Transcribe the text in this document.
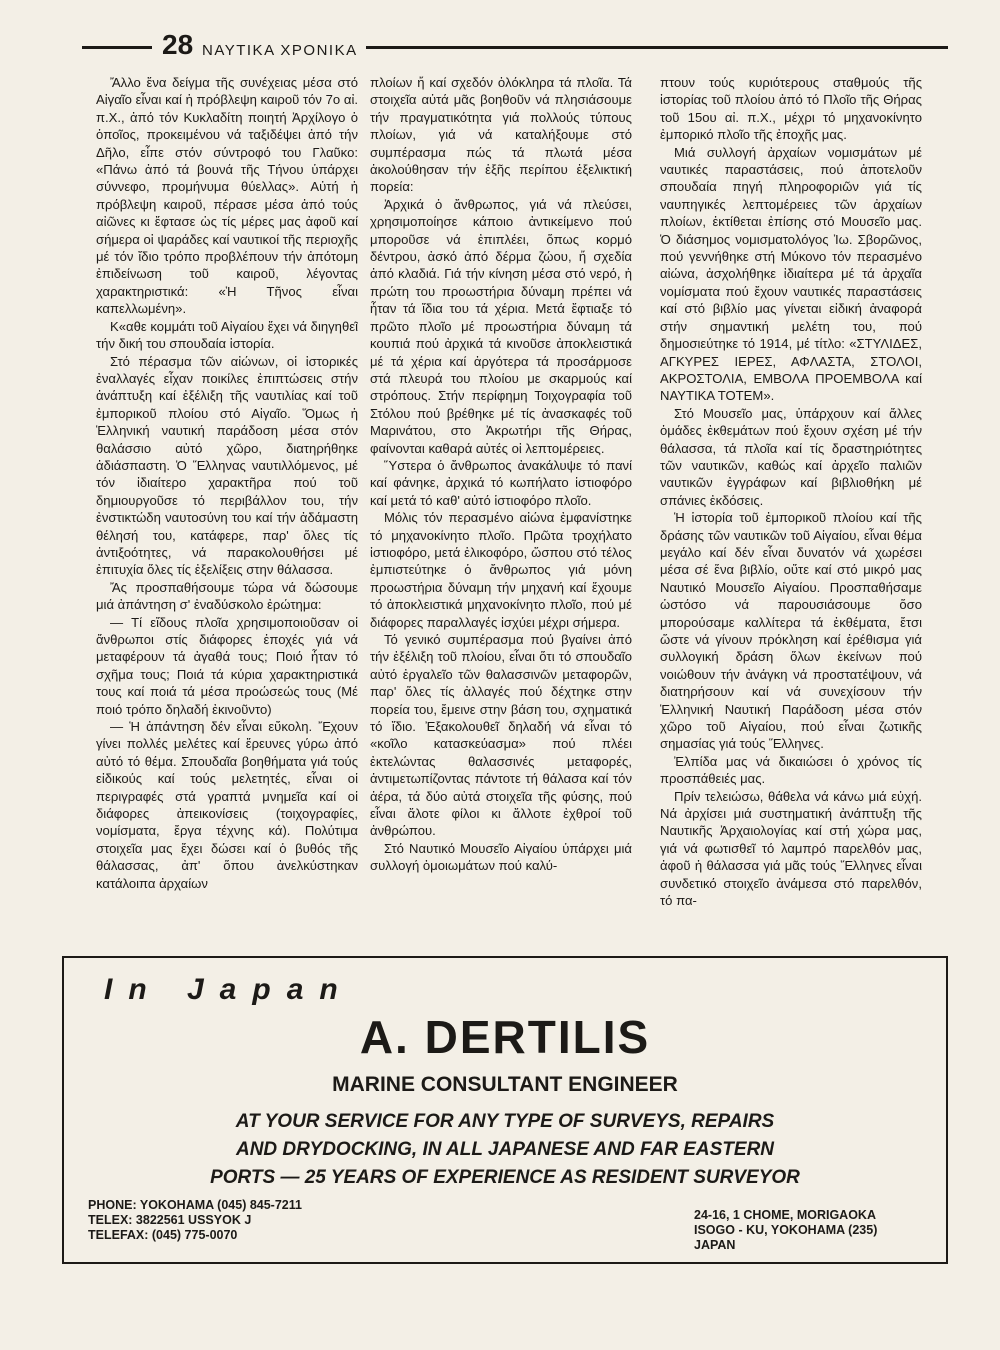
28 ΝΑΥΤΙΚΑ ΧΡΟΝΙΚΑ

Ἄλλο ἕνα δείγμα τῆς συνέχειας μέσα στό Αἰγαῖο εἶναι καί ἡ πρόβλεψη καιροῦ τόν 7ο αἰ. π.Χ., ἀπό τόν Κυκλαδίτη ποιητή Ἀρχίλογο ὁ ὁποῖος, προκειμένου νά ταξιδέψει ἀπό τήν Δῆλο, εἶπε στόν σύντροφό του Γλαῦκο: «Πάνω ἀπό τά βουνά τῆς Τήνου ὑπάρχει σύννεφο, προμήνυμα θύελλας». Αὐτή ἡ πρόβλεψη καιροῦ, πέρασε μέσα ἀπό τούς αἰῶνες κι ἔφτασε ὡς τίς μέρες μας ἀφοῦ καί σήμερα οἱ ψαράδες καί ναυτικοί τῆς περιοχῆς μέ τόν ἴδιο τρόπο προβλέπουν τήν ἀπότομη ἐπιδείνωση τοῦ καιροῦ, λέγοντας χαρακτηριστικά: «Ἡ Τῆνος εἶναι καπελλωμένη».

Κ«αθε κομμάτι τοῦ Αἰγαίου ἔχει νά διηγηθεῖ τήν δική του σπουδαία ἱστορία.

Στό πέρασμα τῶν αἰώνων, οἱ ἱστορικές ἐναλλαγές εἶχαν ποικίλες ἐπιπτώσεις στήν ἀνάπτυξη καί ἐξέλιξη τῆς ναυτιλίας καί τοῦ ἐμπορικοῦ πλοίου στό Αἰγαῖο. Ὅμως ἡ Ἑλληνική ναυτική παράδοση μέσα στόν θαλάσσιο αὐτό χῶρο, διατηρήθηκε ἀδιάσπαστη. Ὁ Ἕλληνας ναυτιλλόμενος, μέ τόν ἰδιαίτερο χαρακτῆρα πού τοῦ δημιουργοῦσε τό περιβάλλον του, τήν ἐνστικτώδη ναυτοσύνη του καί τήν ἀδάμαστη θέλησή του, κατάφερε, παρ' ὅλες τίς ἀντιξοότητες, νά παρακολουθήσει μέ ἐπιτυχία ὅλες τίς ἐξελίξεις στην θάλασσα.

Ἄς προσπαθήσουμε τώρα νά δώσουμε μιά ἀπάντηση σ' ἐναδύσκολο ἐρώτημα:

— Τί εἴδους πλοῖα χρησιμοποιοῦσαν οἱ ἄνθρωποι στίς διάφορες ἐποχές γιά νά μεταφέρουν τά ἀγαθά τους; Ποιό ἦταν τό σχῆμα τους; Ποιά τά κύρια χαρακτηριστικά τους καί ποιά τά μέσα προώσεώς τους (Μέ ποιό τρόπο δηλαδή ἐκινοῦντο)

— Ἡ ἀπάντηση δέν εἶναι εὔκολη. Ἔχουν γίνει πολλές μελέτες καί ἔρευνες γύρω ἀπό αὐτό τό θέμα. Σπουδαῖα βοηθήματα γιά τούς εἰδικούς καί τούς μελετητές, εἶναι οἱ περιγραφές στά γραπτά μνημεῖα καί οἱ διάφορες ἀπεικονίσεις (τοιχογραφίες, νομίσματα, ἔργα τέχνης κά). Πολύτιμα στοιχεῖα μας ἔχει δώσει καί ὁ βυθός τῆς θάλασσας, ἀπ' ὅπου ἀνελκύστηκαν κατάλοιπα ἀρχαίων

πλοίων ἤ καί σχεδόν ὁλόκληρα τά πλοῖα. Τά στοιχεῖα αὐτά μᾶς βοηθοῦν νά πλησιάσουμε τήν πραγματικότητα γιά πολλούς τύπους πλοίων, γιά νά καταλήξουμε στό συμπέρασμα πώς τά πλωτά μέσα ἀκολούθησαν τήν ἑξῆς περίπου ἐξελικτική πορεία:

Ἀρχικά ὁ ἄνθρωπος, γιά νά πλεύσει, χρησιμοποίησε κάποιο ἀντικείμενο πού μποροῦσε νά ἐπιπλέει, ὅπως κορμό δέντρου, ἀσκό ἀπό δέρμα ζώου, ἤ σχεδία ἀπό κλαδιά. Γιά τήν κίνηση μέσα στό νερό, ἡ πρώτη του προωστήρια δύναμη πρέπει νά ἦταν τά ἴδια του τά χέρια. Μετά ἔφτιαξε τό πρῶτο πλοῖο μέ προωστήρια δύναμη τά κουπιά πού ἀρχικά τά κινοῦσε ἀποκλειστικά μέ τά χέρια καί ἀργότερα τά προσάρμοσε στά πλευρά του πλοίου με σκαρμούς καί στρόπους. Στήν περίφημη Τοιχογραφία τοῦ Στόλου πού βρέθηκε μέ τίς ἀνασκαφές τοῦ Μαρινάτου, στο Ἀκρωτήρι τῆς Θήρας, φαίνονται καθαρά αὐτές οἱ λεπτομέρειες.

Ὕστερα ὁ ἄνθρωπος ἀνακάλυψε τό πανί καί φάνηκε, ἀρχικά τό κωπήλατο ἱστιοφόρο καί μετά τό καθ' αὐτό ἱστιοφόρο πλοῖο.

Μόλις τόν περασμένο αἰώνα ἐμφανίστηκε τό μηχανοκίνητο πλοῖο. Πρῶτα τροχήλατο ἱστιοφόρο, μετά ἑλικοφόρο, ὥσπου στό τέλος ἐμπιστεύτηκε ὁ ἄνθρωπος γιά μόνη προωστήρια δύναμη τήν μηχανή καί ἔχουμε τό ἀποκλειστικά μηχανοκίνητο πλοῖο, πού μέ διάφορες παραλλαγές ἰσχύει μέχρι σήμερα.

Τό γενικό συμπέρασμα πού βγαίνει ἀπό τήν ἐξέλιξη τοῦ πλοίου, εἶναι ὅτι τό σπουδαῖο αὐτό ἐργαλεῖο τῶν θαλασσινῶν μεταφορῶν, παρ' ὅλες τίς ἀλλαγές πού δέχτηκε στην πορεία του, ἔμεινε στην βάση του, σχηματικά τό ἴδιο. Ἐξακολουθεῖ δηλαδή νά εἶναι τό «κοῖλο κατασκεύασμα» πού πλέει ἐκτελώντας θαλασσινές μεταφορές, ἀντιμετωπίζοντας πάντοτε τή θάλασα καί τόν ἀέρα, τά δύο αὐτά στοιχεῖα τῆς φύσης, πού εἶναι ἄλοτε φίλοι κι ἄλλοτε ἐχθροί τοῦ ἀνθρώπου.

Στό Ναυτικό Μουσεῖο Αἰγαίου ὑπάρχει μιά συλλογή ὁμοιωμάτων πού καλύ-

πτουν τούς κυριότερους σταθμούς τῆς ἱστορίας τοῦ πλοίου ἀπό τό Πλοῖο τῆς Θήρας τοῦ 15ου αἰ. π.Χ., μέχρι τό μηχανοκίνητο ἐμπορικό πλοῖο τῆς ἐποχῆς μας.

Μιά συλλογή ἀρχαίων νομισμάτων μέ ναυτικές παραστάσεις, πού ἀποτελοῦν σπουδαία πηγή πληροφοριῶν γιά τίς ναυπηγικές λεπτομέρειες τῶν ἀρχαίων πλοίων, ἐκτίθεται ἐπίσης στό Μουσεῖο μας. Ὁ διάσημος νομισματολόγος Ἰω. Σβορῶνος, πού γεννήθηκε στή Μύκονο τόν περασμένο αἰώνα, ἀσχολήθηκε ἰδιαίτερα μέ τά ἀρχαῖα νομίσματα πού ἔχουν ναυτικές παραστάσεις καί στό βιβλίο μας γίνεται εἰδική ἀναφορά στήν σημαντική μελέτη του, πού δημοσιεύτηκε τό 1914, μέ τίτλο: «ΣΤΥΛΙΔΕΣ, ΑΓΚΥΡΕΣ ΙΕΡΕΣ, ΑΦΛΑΣΤΑ, ΣΤΟΛΟΙ, ΑΚΡΟΣΤΟΛΙΑ, ΕΜΒΟΛΑ ΠΡΟΕΜΒΟΛΑ καί ΝΑΥΤΙΚΑ ΤΟΤΕΜ».

Στό Μουσεῖο μας, ὑπάρχουν καί ἄλλες ὁμάδες ἐκθεμάτων πού ἔχουν σχέση μέ τήν θάλασσα, τά πλοῖα καί τίς δραστηριότητες τῶν ναυτικῶν, καθώς καί ἀρχεῖο παλιῶν ναυτικῶν ἐγγράφων καί βιβλιοθήκη μέ σπάνιες ἐκδόσεις.

Ἡ ἱστορία τοῦ ἐμπορικοῦ πλοίου καί τῆς δράσης τῶν ναυτικῶν τοῦ Αἰγαίου, εἶναι θέμα μεγάλο καί δέν εἶναι δυνατόν νά χωρέσει μέσα σέ ἕνα βιβλίο, οὔτε καί στό μικρό μας Ναυτικό Μουσεῖο Αἰγαίου. Προσπαθήσαμε ὡστόσο νά παρουσιάσουμε ὅσο μπορούσαμε καλλίτερα τά ἐκθέματα, ἔτσι ὥστε νά γίνουν πρόκληση καί ἐρέθισμα γιά συλλογική δράση ὅλων ἐκείνων πού νοιώθουν τήν ἀνάγκη νά προστατέψουν, νά διατηρήσουν καί νά συνεχίσουν τήν Ἑλληνική Ναυτική Παράδοση μέσα στόν χῶρο τοῦ Αἰγαίου, πού εἶναι ζωτικῆς σημασίας γιά τούς Ἕλληνες.

Ἐλπίδα μας νά δικαιώσει ὁ χρόνος τίς προσπάθειές μας.

Πρίν τελειώσω, θάθελα νά κάνω μιά εὐχή. Νά ἀρχίσει μιά συστηματική ἀνάπτυξη τῆς Ναυτικῆς Ἀρχαιολογίας καί στή χώρα μας, γιά νά φωτισθεῖ τό λαμπρό παρελθόν μας, ἀφοῦ ἡ θάλασσα γιά μᾶς τούς Ἕλληνες εἶναι συνδετικό στοιχεῖο ἀνάμεσα στό παρελθόν, τό πα-

In Japan
A. DERTILIS
MARINE CONSULTANT ENGINEER
AT YOUR SERVICE FOR ANY TYPE OF SURVEYS, REPAIRS
AND DRYDOCKING, IN ALL JAPANESE AND FAR EASTERN
PORTS — 25 YEARS OF EXPERIENCE AS RESIDENT SURVEYOR
PHONE: YOKOHAMA (045) 845-7211
TELEX: 3822561 USSYOK J
TELEFAX: (045) 775-0070
24-16, 1 CHOME, MORIGAOKA
ISOGO - KU, YOKOHAMA (235)
JAPAN
